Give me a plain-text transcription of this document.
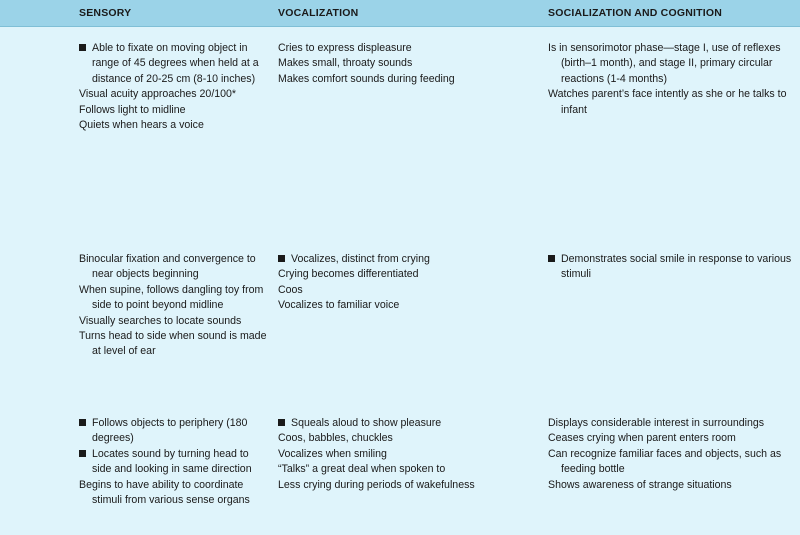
SENSORY	VOCALIZATION	SOCIALIZATION AND COGNITION
Able to fixate on moving object in
range of 45 degrees when held at a
distance of 20-25 cm (8-10 inches)
Visual acuity approaches 20/100*
Follows light to midline
Quiets when hears a voice
Cries to express displeasure
Makes small, throaty sounds
Makes comfort sounds during feeding
Is in sensorimotor phase—stage I, use of reflexes
(birth–1 month), and stage II, primary circular
reactions (1-4 months)
Watches parent’s face intently as she or he talks to
infant
Binocular fixation and convergence to
near objects beginning
When supine, follows dangling toy from
side to point beyond midline
Visually searches to locate sounds
Turns head to side when sound is made
at level of ear
Vocalizes, distinct from crying
Crying becomes differentiated
Coos
Vocalizes to familiar voice
Demonstrates social smile in response to various
stimuli
Follows objects to periphery (180
degrees)
Locates sound by turning head to
side and looking in same direction
Begins to have ability to coordinate
stimuli from various sense organs
Squeals aloud to show pleasure
Coos, babbles, chuckles
Vocalizes when smiling
“Talks” a great deal when spoken to
Less crying during periods of wakefulness
Displays considerable interest in surroundings
Ceases crying when parent enters room
Can recognize familiar faces and objects, such as
feeding bottle
Shows awareness of strange situations
